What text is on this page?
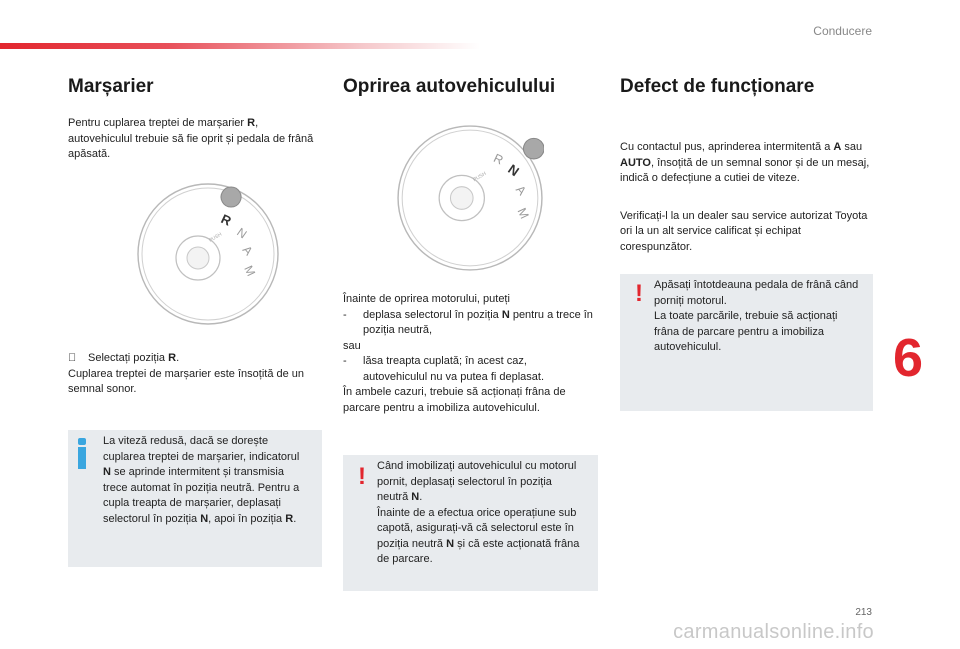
Conducere
Marșarier

Pentru cuplarea treptei de marșarier R, autovehiculul trebuie să fie oprit și pedala de frână apăsată.

R
N
A
M
PUSH

Selectați poziția R.

Cuplarea treptei de marșarier este însoțită de un semnal sonor.

La viteză redusă, dacă se dorește cuplarea treptei de marșarier, indicatorul N se aprinde intermitent și transmisia trece automat în poziția neutră. Pentru a cupla treapta de marșarier, deplasați selectorul în poziția N, apoi în poziția R.
Oprirea autovehiculului
R
N
A
M
PUSH

Înainte de oprirea motorului, puteți

-	deplasa selectorul în poziția N pentru a trece în poziția neutră,

sau

-	lăsa treapta cuplată; în acest caz, autovehiculul nu va putea fi deplasat.

În ambele cazuri, trebuie să acționați frâna de parcare pentru a imobiliza autovehiculul.

! Când imobilizați autovehiculul cu motorul pornit, deplasați selectorul în poziția neutră N.
Înainte de a efectua orice operațiune sub capotă, asigurați-vă că selectorul este în poziția neutră N și că este acționată frâna de parcare.
Defect de funcționare

Cu contactul pus, aprinderea intermitentă a A sau AUTO, însoțită de un semnal sonor și de un mesaj, indică o defecțiune a cutiei de viteze.

Verificați-l la un dealer sau service autorizat Toyota ori la un alt service calificat și echipat corespunzător.

! Apăsați întotdeauna pedala de frână când porniți motorul.
La toate parcările, trebuie să acționați frâna de parcare pentru a imobiliza autovehiculul.	6
213
carmanualsonline.info
